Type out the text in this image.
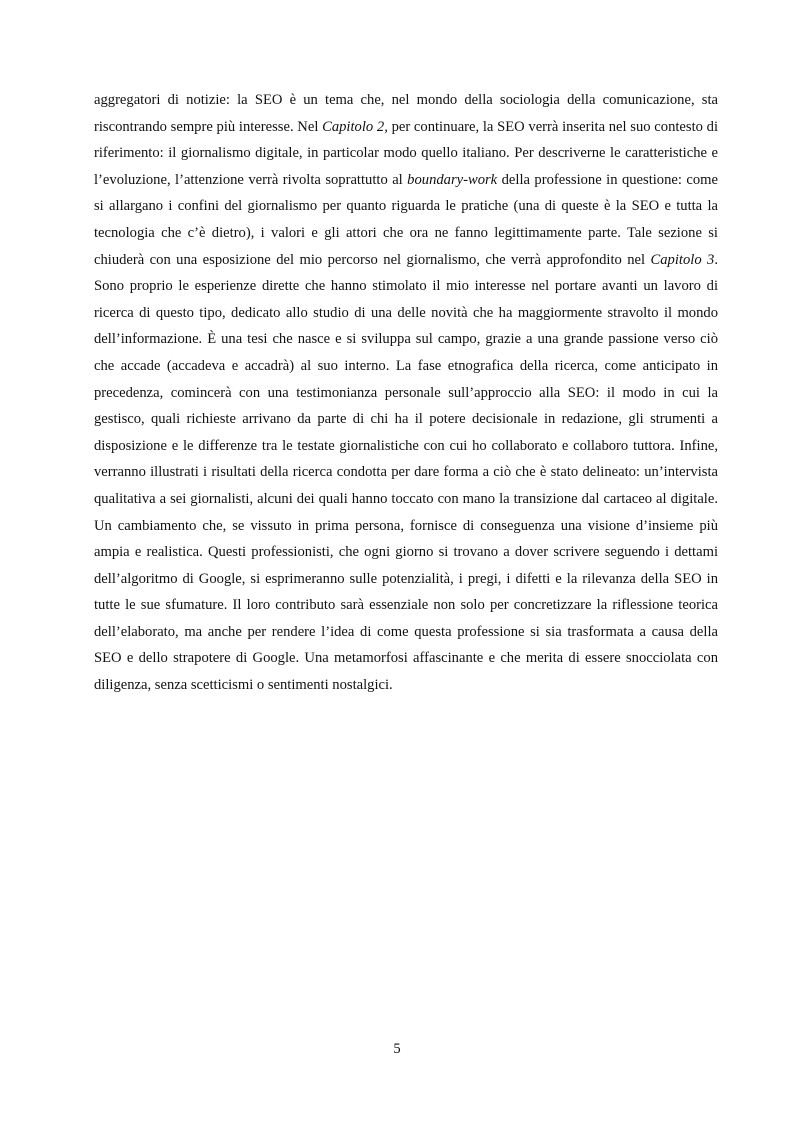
aggregatori di notizie: la SEO è un tema che, nel mondo della sociologia della comunicazione, sta riscontrando sempre più interesse. Nel Capitolo 2, per continuare, la SEO verrà inserita nel suo contesto di riferimento: il giornalismo digitale, in particolar modo quello italiano. Per descriverne le caratteristiche e l’evoluzione, l’attenzione verrà rivolta soprattutto al boundary-work della professione in questione: come si allargano i confini del giornalismo per quanto riguarda le pratiche (una di queste è la SEO e tutta la tecnologia che c’è dietro), i valori e gli attori che ora ne fanno legittimamente parte. Tale sezione si chiuderà con una esposizione del mio percorso nel giornalismo, che verrà approfondito nel Capitolo 3. Sono proprio le esperienze dirette che hanno stimolato il mio interesse nel portare avanti un lavoro di ricerca di questo tipo, dedicato allo studio di una delle novità che ha maggiormente stravolto il mondo dell’informazione. È una tesi che nasce e si sviluppa sul campo, grazie a una grande passione verso ciò che accade (accadeva e accadrà) al suo interno. La fase etnografica della ricerca, come anticipato in precedenza, comincerà con una testimonianza personale sull’approccio alla SEO: il modo in cui la gestisco, quali richieste arrivano da parte di chi ha il potere decisionale in redazione, gli strumenti a disposizione e le differenze tra le testate giornalistiche con cui ho collaborato e collaboro tuttora. Infine, verranno illustrati i risultati della ricerca condotta per dare forma a ciò che è stato delineato: un’intervista qualitativa a sei giornalisti, alcuni dei quali hanno toccato con mano la transizione dal cartaceo al digitale. Un cambiamento che, se vissuto in prima persona, fornisce di conseguenza una visione d’insieme più ampia e realistica. Questi professionisti, che ogni giorno si trovano a dover scrivere seguendo i dettami dell’algoritmo di Google, si esprimeranno sulle potenzialità, i pregi, i difetti e la rilevanza della SEO in tutte le sue sfumature. Il loro contributo sarà essenziale non solo per concretizzare la riflessione teorica dell’elaborato, ma anche per rendere l’idea di come questa professione si sia trasformata a causa della SEO e dello strapotere di Google. Una metamorfosi affascinante e che merita di essere snocciolata con diligenza, senza scetticismi o sentimenti nostalgici.

5
